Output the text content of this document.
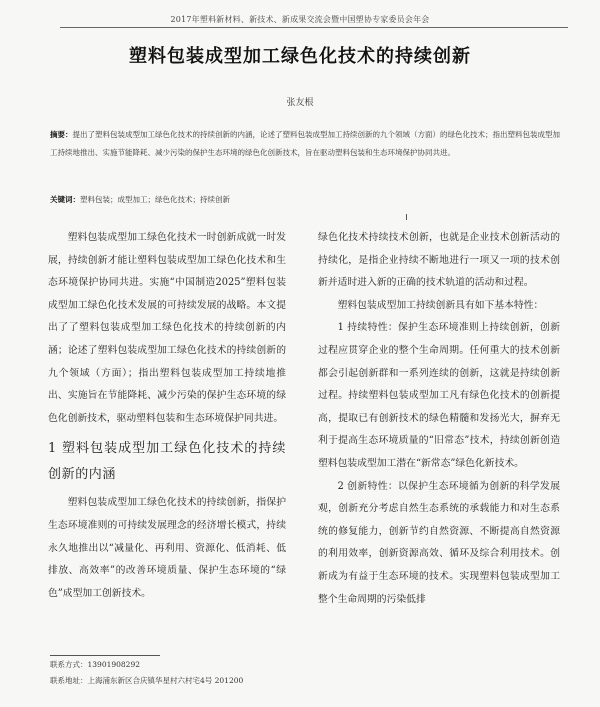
2017年塑料新材料、新技术、新成果交流会暨中国塑协专家委员会年会
塑料包装成型加工绿色化技术的持续创新
张友根
摘要：提出了塑料包装成型加工绿色化技术的持续创新的内涵，论述了塑料包装成型加工持续创新的九个领域（方面）的绿色化技术；指出塑料包装成型加工持续地推出、实施节能降耗、减少污染的保护生态环境的绿色化创新技术，旨在驱动塑料包装和生态环境保护协同共进。
关键词：塑料包装；成型加工；绿色化技术；持续创新

塑料包装成型加工绿色化技术一时创新成就一时发展，持续创新才能让塑料包装成型加工绿色化技术和生态环境保护协同共进。实施“中国制造2025”塑料包装成型加工绿色化技术发展的可持续发展的战略。本文提出了了塑料包装成型加工绿色化技术的持续创新的内涵；论述了塑料包装成型加工绿色化技术的持续创新的九个领域（方面）；指出塑料包装成型加工持续地推出、实施旨在节能降耗、减少污染的保护生态环境的绿色化创新技术，驱动塑料包装和生态环境保护同共进。

1 塑料包装成型加工绿色化技术的持续创新的内涵

塑料包装成型加工绿色化技术的持续创新，指保护生态环境准则的可持续发展理念的经济增长模式，持续永久地推出以“减量化、再利用、资源化、低消耗、低排放、高效率”的改善环境质量、保护生态环境的“绿色”成型加工创新技术。

绿色化技术持续技术创新，也就是企业技术创新活动的持续化，是指企业持续不断地进行一项又一项的技术创新并适时进入新的正确的技术轨道的活动和过程。

塑料包装成型加工持续创新具有如下基本特性：

1 持续特性：保护生态环境准则上持续创新，创新过程应贯穿企业的整个生命周期。任何重大的技术创新都会引起创新群和一系列连续的创新，这就是持续创新过程。持续塑料包装成型加工凡有绿色化技术的创新提高，提取已有创新技术的绿色精髓和发扬光大，摒弃无利于提高生态环境质量的“旧常态”技术，持续创新创造塑料包装成型加工潜在“新常态”绿色化新技术。

2 创新特性：以保护生态环境循为创新的科学发展观，创新充分考虑自然生态系统的承载能力和对生态系统的修复能力，创新节约自然资源、不断提高自然资源的利用效率，创新资源高效、循环及综合利用技术。创新成为有益于生态环境的技术。实现塑料包装成型加工整个生命周期的污染低排

联系方式：13901908292
联系地址：上海浦东新区合庆镇华星村六村宅4号 201200
